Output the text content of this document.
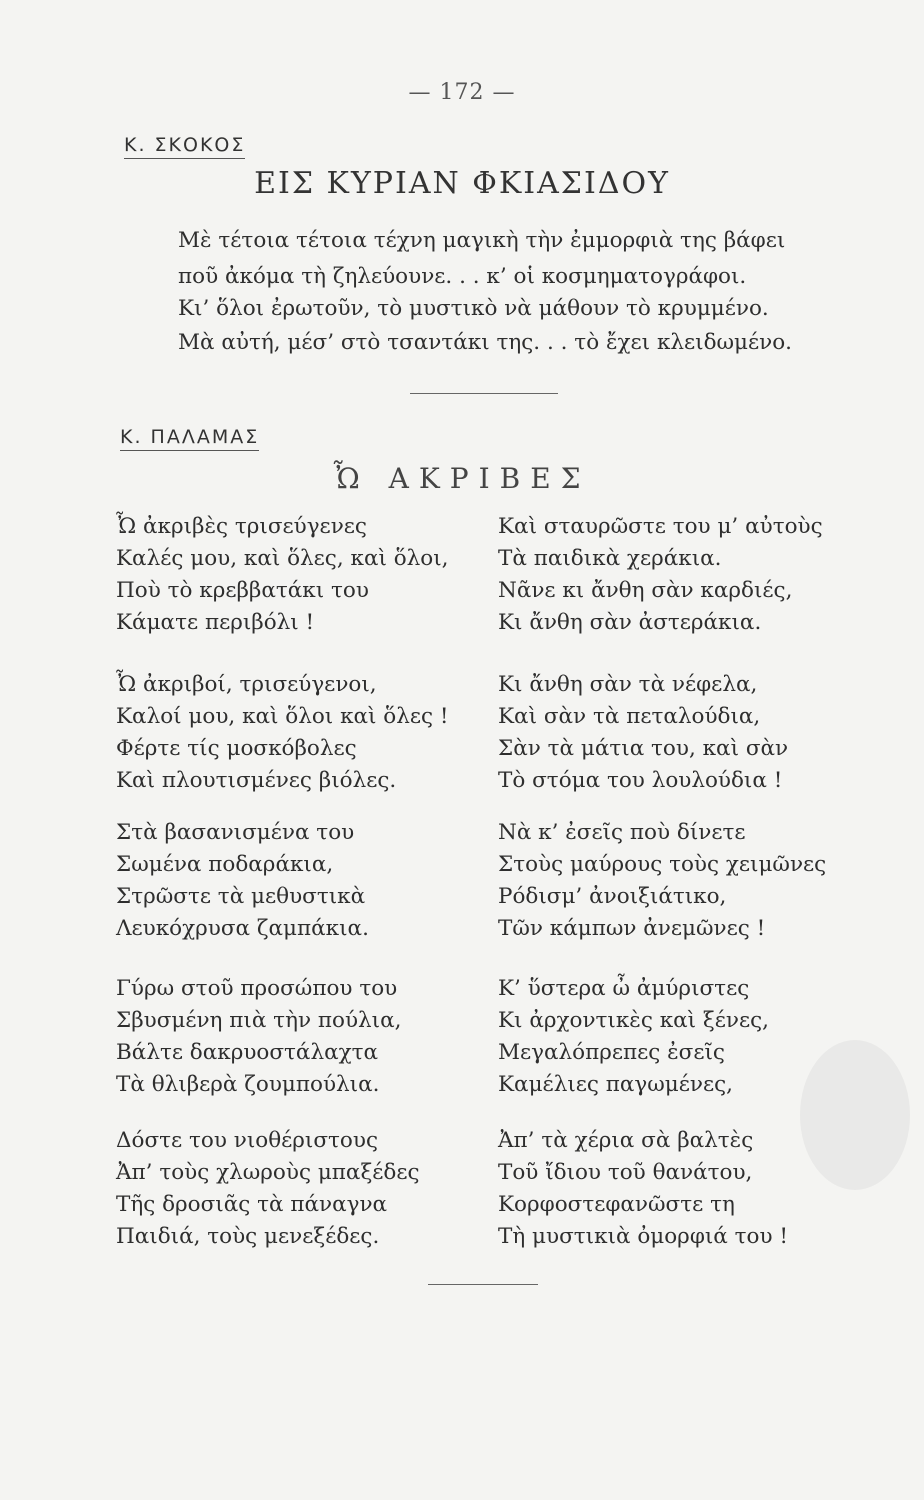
— 172 —
Κ. ΣΚΟΚΟΣ
ΕΙΣ ΚΥΡΙΑΝ ΦΚΙΑΣΙΔΟΥ
Μὲ τέτοια τέτοια τέχνη μαγικὴ τὴν ἐμμορφιὰ της βάφει
ποῦ ἀκόμα τὴ ζηλεύουνε. . . κ’ οἱ κοσμηματογράφοι.
Κι’ ὅλοι ἐρωτοῦν, τὸ μυστικὸ νὰ μάθουν τὸ κρυμμένο.
Μὰ αὐτή, μέσ’ στὸ τσαντάκι της. . . τὸ ἔχει κλειδωμένο.
Κ. ΠΑΛΑΜΑΣ
Ὦ ΑΚΡΙΒΕΣ
Ὦ ἀκριβὲς τρισεύγενες
Καλές μου, καὶ ὅλες, καὶ ὅλοι,
Ποὺ τὸ κρεββατάκι του
Κάματε περιβόλι !
Ὦ ἀκριβοί, τρισεύγενοι,
Καλοί μου, καὶ ὅλοι καὶ ὅλες !
Φέρτε τίς μοσκόβολες
Καὶ πλουτισμένες βιόλες.
Στὰ βασανισμένα του
Σωμένα ποδαράκια,
Στρῶστε τὰ μεθυστικὰ
Λευκόχρυσα ζαμπάκια.
Γύρω στοῦ προσώπου του
Σβυσμένη πιὰ τὴν πούλια,
Βάλτε δακρυοστάλαχτα
Τὰ θλιβερὰ ζουμπούλια.
Δόστε του νιοθέριστους
Ἀπ’ τοὺς χλωροὺς μπαξέδες
Τῆς δροσιᾶς τὰ πάναγνα
Παιδιά, τοὺς μενεξέδες.
Καὶ σταυρῶστε του μ’ αὐτοὺς
Τὰ παιδικὰ χεράκια.
Νᾶνε κι ἄνθη σὰν καρδιές,
Κι ἄνθη σὰν ἀστεράκια.
Κι ἄνθη σὰν τὰ νέφελα,
Καὶ σὰν τὰ πεταλούδια,
Σὰν τὰ μάτια του, καὶ σὰν
Τὸ στόμα του λουλούδια !
Νὰ κ’ ἐσεῖς ποὺ δίνετε
Στοὺς μαύρους τοὺς χειμῶνες
Ρόδισμ’ ἀνοιξιάτικο,
Τῶν κάμπων ἀνεμῶνες !
Κ’ ὕστερα ὦ ἀμύριστες
Κι ἀρχοντικὲς καὶ ξένες,
Μεγαλόπρεπες ἐσεῖς
Καμέλιες παγωμένες,
Ἀπ’ τὰ χέρια σὰ βαλτὲς
Τοῦ ἴδιου τοῦ θανάτου,
Κορφοστεφανῶστε τη
Τὴ μυστικιὰ ὀμορφιά του !
